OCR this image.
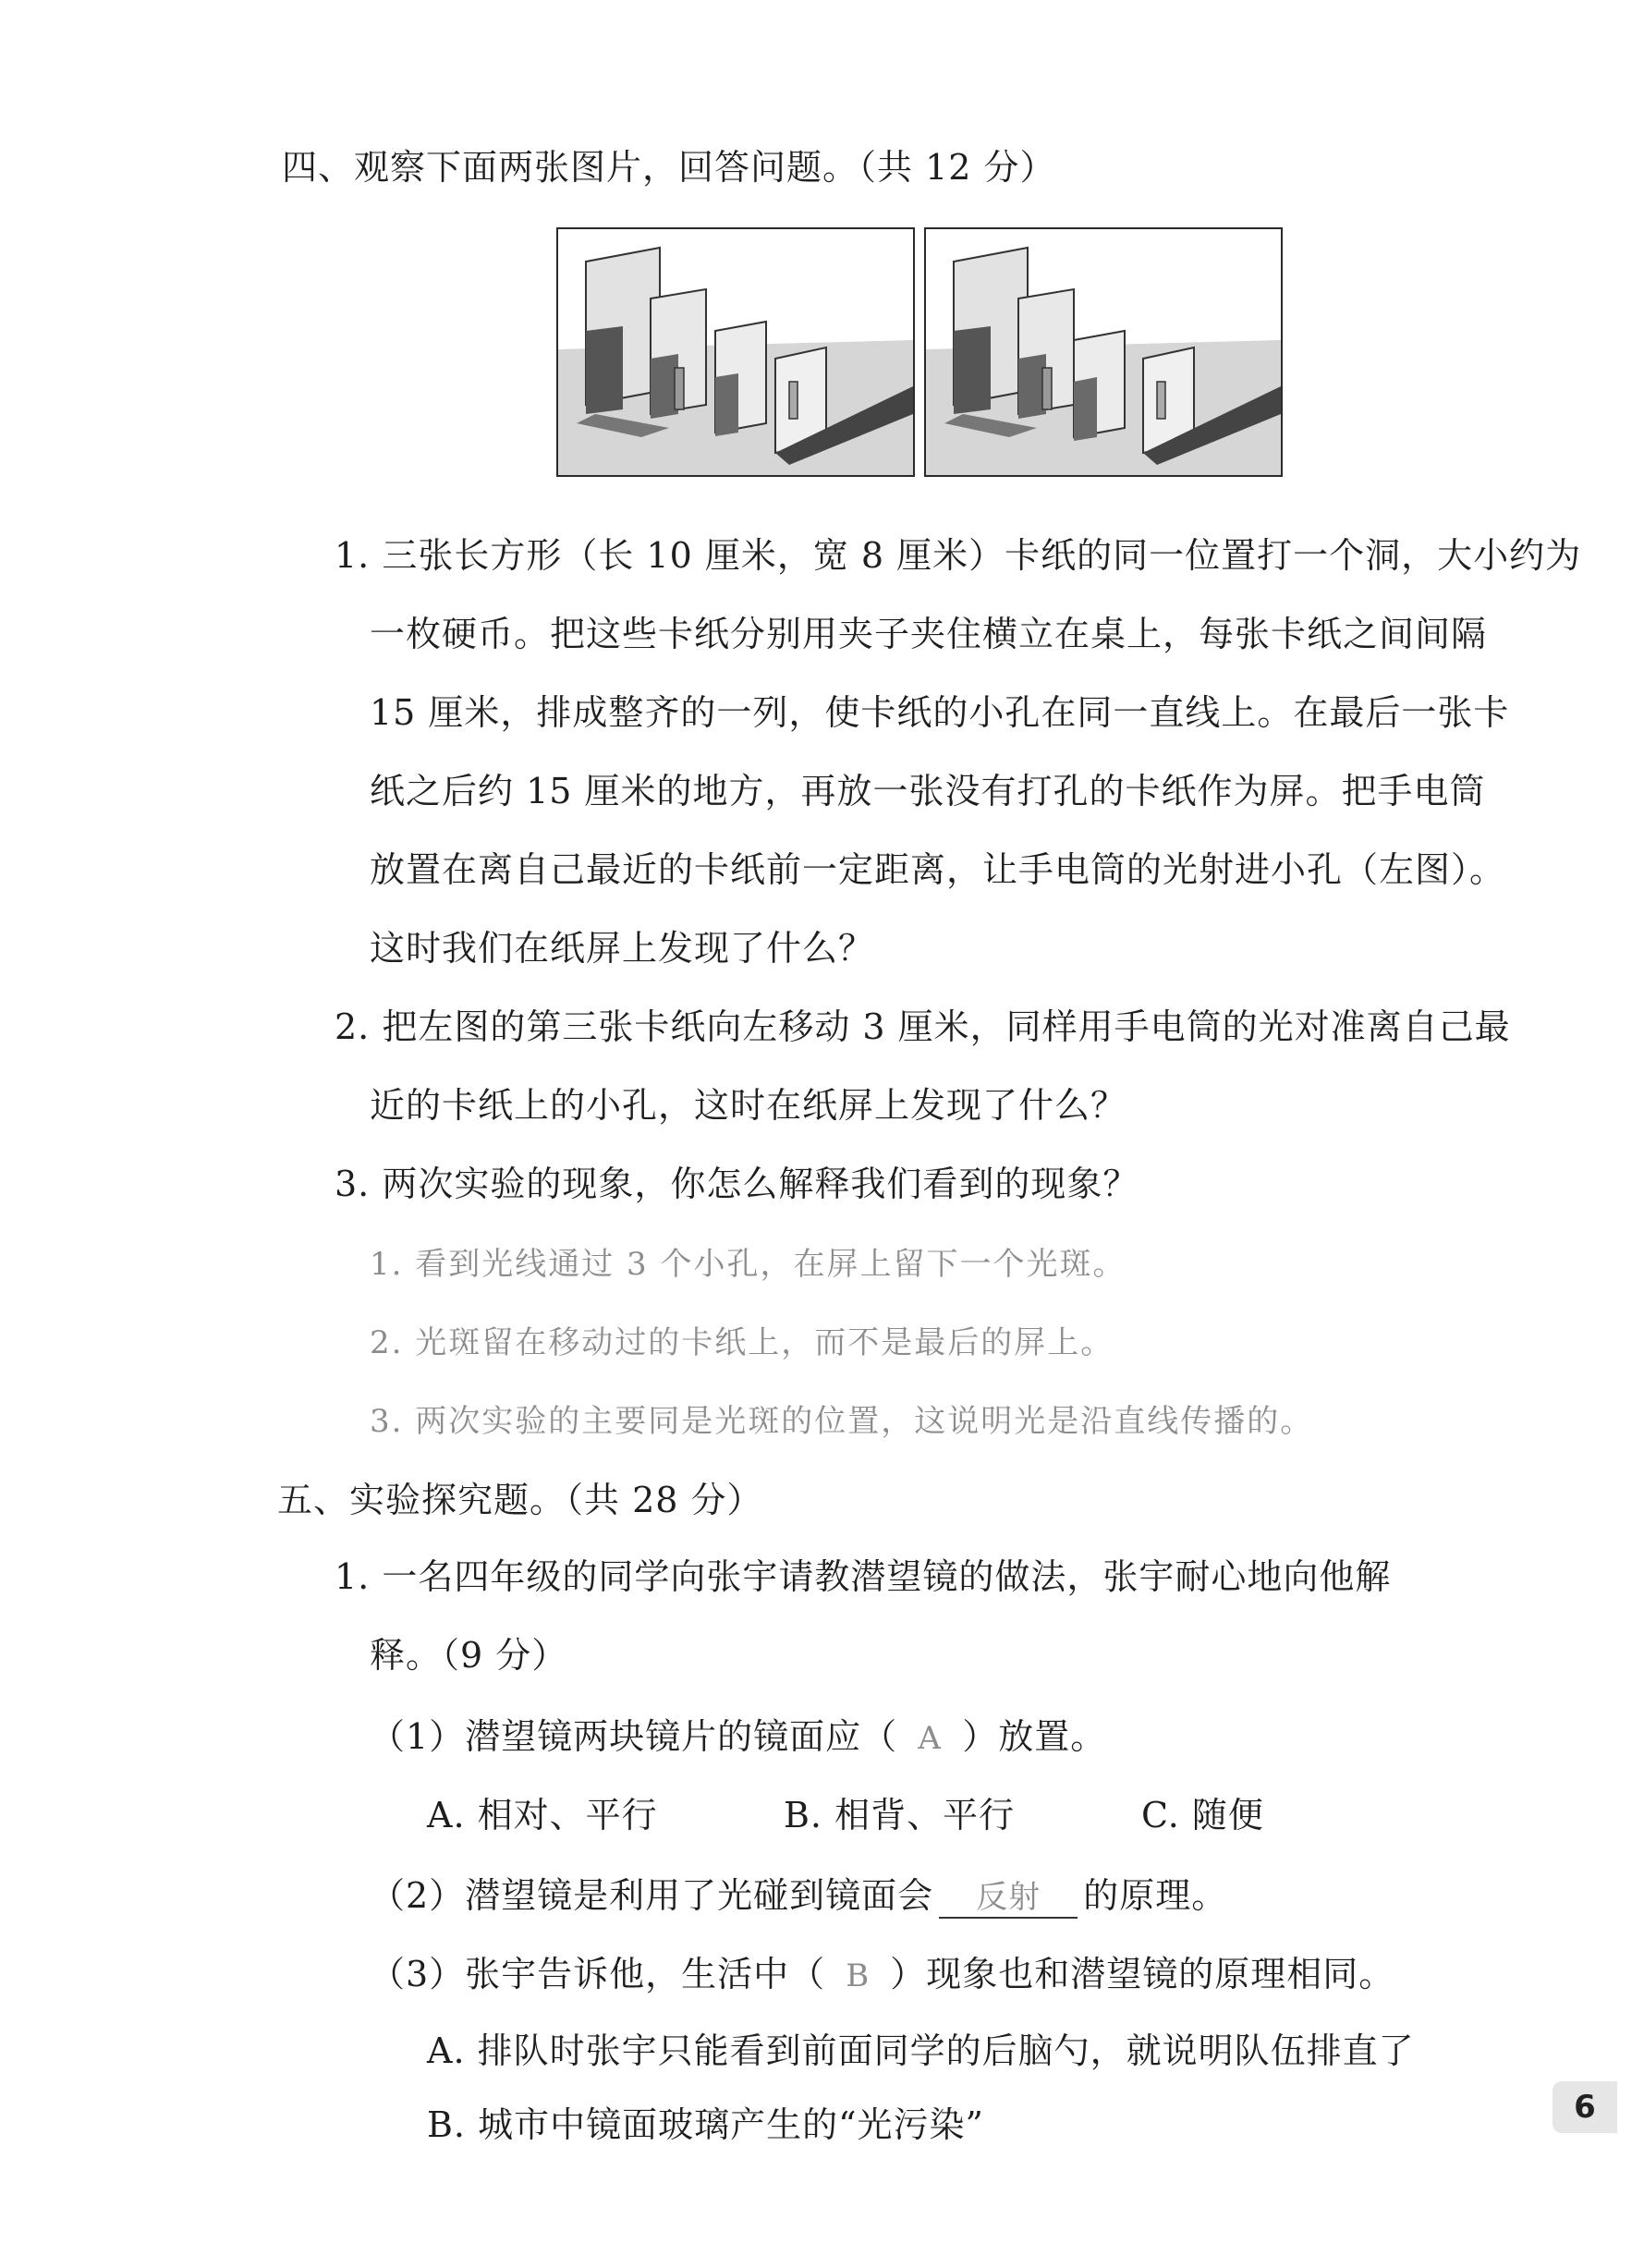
四、观察下面两张图片，回答问题。（共 12 分）
1. 三张长方形（长 10 厘米，宽 8 厘米）卡纸的同一位置打一个洞，大小约为
一枚硬币。把这些卡纸分别用夹子夹住横立在桌上，每张卡纸之间间隔
15 厘米，排成整齐的一列，使卡纸的小孔在同一直线上。在最后一张卡
纸之后约 15 厘米的地方，再放一张没有打孔的卡纸作为屏。把手电筒
放置在离自己最近的卡纸前一定距离，让手电筒的光射进小孔（左图）。
这时我们在纸屏上发现了什么？
2. 把左图的第三张卡纸向左移动 3 厘米，同样用手电筒的光对准离自己最
近的卡纸上的小孔，这时在纸屏上发现了什么？
3. 两次实验的现象，你怎么解释我们看到的现象？
1. 看到光线通过 3 个小孔，在屏上留下一个光斑。
2. 光斑留在移动过的卡纸上，而不是最后的屏上。
3. 两次实验的主要同是光斑的位置，这说明光是沿直线传播的。
五、实验探究题。（共 28 分）
1. 一名四年级的同学向张宇请教潜望镜的做法，张宇耐心地向他解
释。（9 分）
（1）潜望镜两块镜片的镜面应（ A ）放置。
A. 相对、平行	B. 相背、平行	C. 随便
（2）潜望镜是利用了光碰到镜面会 反射 的原理。
（3）张宇告诉他，生活中（ B ）现象也和潜望镜的原理相同。
A. 排队时张宇只能看到前面同学的后脑勺，就说明队伍排直了
B. 城市中镜面玻璃产生的“光污染”	6
